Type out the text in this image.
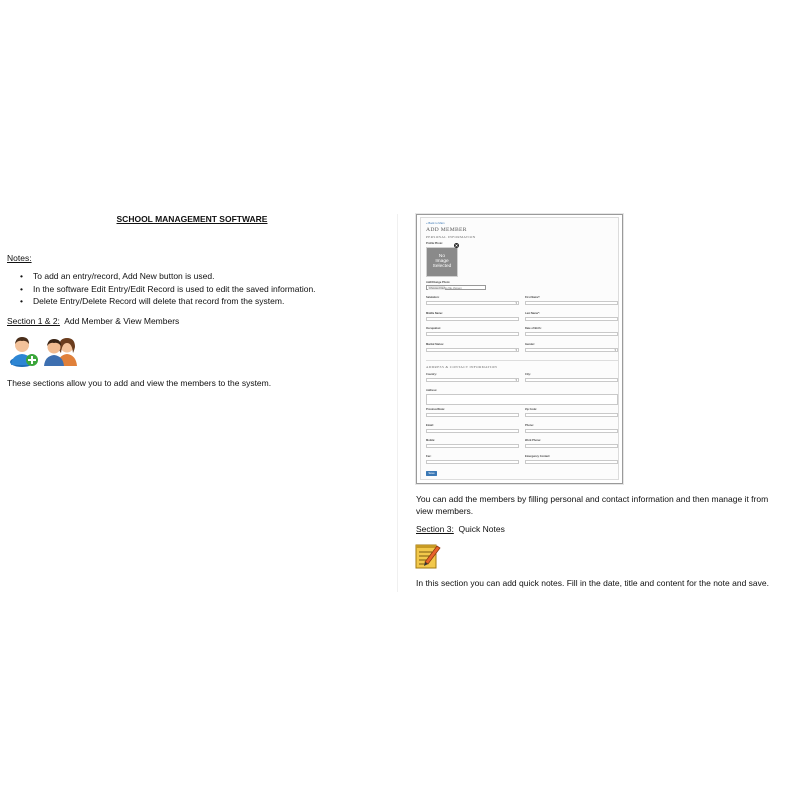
SCHOOL MANAGEMENT SOFTWARE
Notes:
• To add an entry/record, Add New button is used.
• In the software Edit Entry/Edit Record is used to edit the saved information.
• Delete Entry/Delete Record will delete that record from the system.
Section 1 & 2: Add Member & View Members
These sections allow you to add and view the members to the system.
« Back to Main
ADD MEMBER
PERSONAL INFORMATION
Profile Photo:
No
Image
Selected
Add/Change Photo:
Choose File No file chosen
Salutation:
▾
First Name*:
Middle Name:	Last Name*:
Occupation:	Date of Birth:
Marital Status:
▾
Gender:
▾
ADDRESS & CONTACT INFORMATION
Country:
▾
City:
Address:
Province/State:	Zip Code:
Email:	Phone:
Mobile:	Work Phone:
Fax:	Emergency Contact:
Save
You can add the members by filling personal and contact information and then manage it from view members.
Section 3: Quick Notes
In this section you can add quick notes. Fill in the date, title and content for the note and save.
